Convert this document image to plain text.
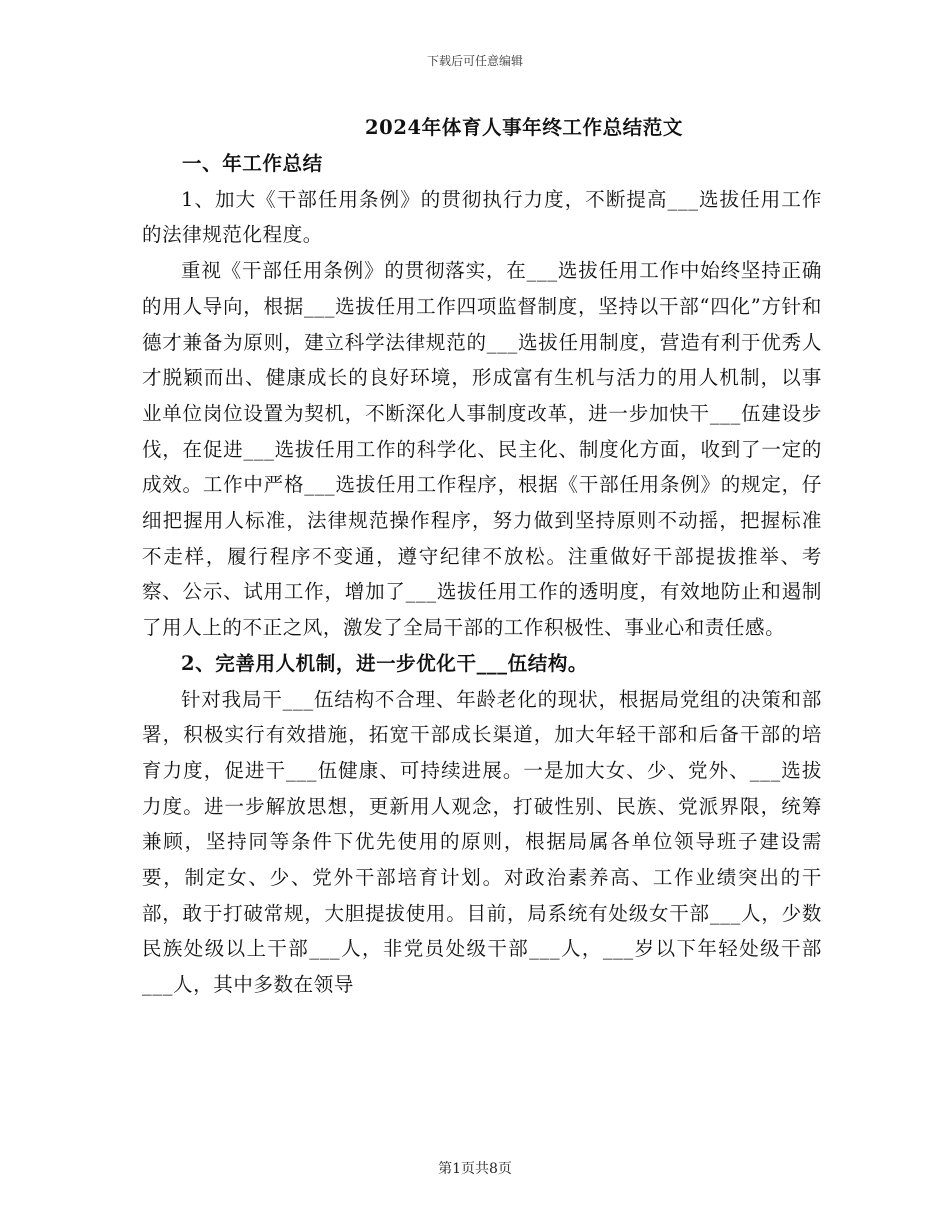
下载后可任意编辑

2024年体育人事年终工作总结范文

一、年工作总结

1、加大《干部任用条例》的贯彻执行力度，不断提高___选拔任用工作的法律规范化程度。

重视《干部任用条例》的贯彻落实，在___选拔任用工作中始终坚持正确的用人导向，根据___选拔任用工作四项监督制度，坚持以干部“四化”方针和德才兼备为原则，建立科学法律规范的___选拔任用制度，营造有利于优秀人才脱颖而出、健康成长的良好环境，形成富有生机与活力的用人机制，以事业单位岗位设置为契机，不断深化人事制度改革，进一步加快干___伍建设步伐，在促进___选拔任用工作的科学化、民主化、制度化方面，收到了一定的成效。工作中严格___选拔任用工作程序，根据《干部任用条例》的规定，仔细把握用人标准，法律规范操作程序，努力做到坚持原则不动摇，把握标准不走样，履行程序不变通，遵守纪律不放松。注重做好干部提拔推举、考察、公示、试用工作，增加了___选拔任用工作的透明度，有效地防止和遏制了用人上的不正之风，激发了全局干部的工作积极性、事业心和责任感。

2、完善用人机制，进一步优化干___伍结构。

针对我局干___伍结构不合理、年龄老化的现状，根据局党组的决策和部署，积极实行有效措施，拓宽干部成长渠道，加大年轻干部和后备干部的培育力度，促进干___伍健康、可持续进展。一是加大女、少、党外、___选拔力度。进一步解放思想，更新用人观念，打破性别、民族、党派界限，统筹兼顾，坚持同等条件下优先使用的原则，根据局属各单位领导班子建设需要，制定女、少、党外干部培育计划。对政治素养高、工作业绩突出的干部，敢于打破常规，大胆提拔使用。目前，局系统有处级女干部___人，少数民族处级以上干部___人，非党员处级干部___人，___岁以下年轻处级干部___人，其中多数在领导

第1页共8页
